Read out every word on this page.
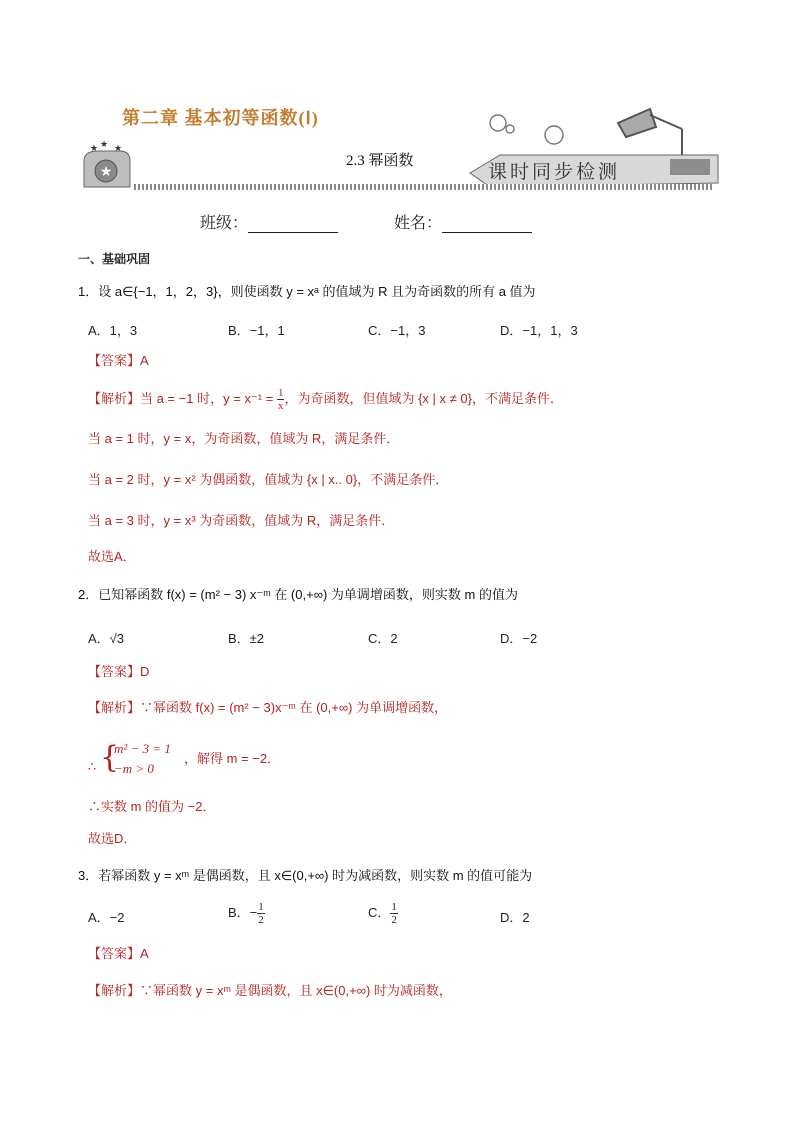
★
★ ★ ★
第二章 基本初等函数(Ⅰ)
2.3 幂函数
课时同步检测
班级：	姓名：
一、基础巩固
1．设 a∈{−1，1，2，3}，则使函数 y = xᵃ 的值域为 R 且为奇函数的所有 a 值为
A．1，3	B．−1，1	C．−1，3	D．−1，1，3
【答案】A
【解析】当 a = −1 时，$y = x^{-1} = \frac{1}{x}$ ，为奇函数，但值域为 {x | x ≠ 0}，不满足条件．
当 a = 1 时，y = x，为奇函数，值域为 R，满足条件．
当 a = 2 时，y = x² 为偶函数，值域为 {x | x.. 0}，不满足条件．
当 a = 3 时，y = x³ 为奇函数，值域为 R，满足条件．
故选A．
2．已知幂函数 f(x) = (m² − 3) x⁻ᵐ 在 (0,+∞) 为单调增函数，则实数 m 的值为
A．√3	B．±2	C．2	D．−2
【答案】D
【解析】∵幂函数 f(x) = (m² − 3)x⁻ᵐ 在 (0,+∞) 为单调增函数，
∴ {
m² − 3 = 1
−m > 0
，解得 m = −2．
∴实数 m 的值为 −2．
故选D．
3．若幂函数 y = xᵐ 是偶函数，且 x∈(0,+∞) 时为减函数，则实数 m 的值可能为
A．−2	B．− $\frac{1}{2}$	C． $\frac{1}{2}$	D．2
【答案】A
【解析】∵幂函数 y = xᵐ 是偶函数，且 x∈(0,+∞) 时为减函数，
